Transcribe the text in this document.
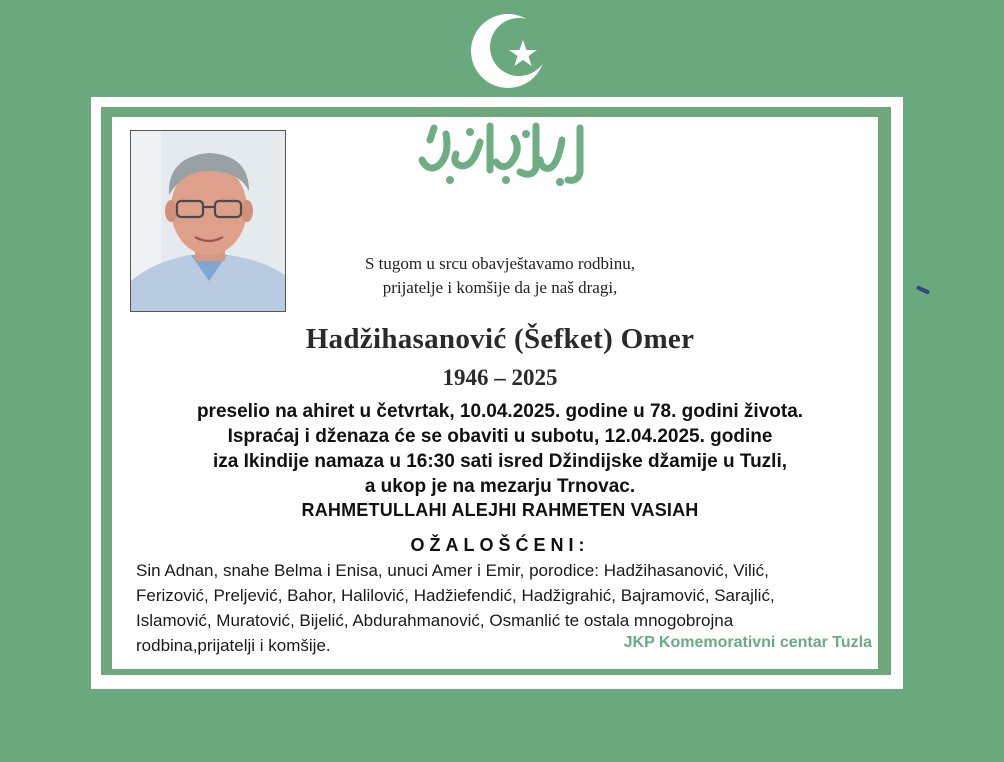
S tugom u srcu obavještavamo rodbinu,
prijatelje i komšije da je naš dragi,
Hadžihasanović (Šefket) Omer
1946 – 2025
preselio na ahiret u četvrtak, 10.04.2025. godine u 78. godini života.
Ispraćaj i dženaza će se obaviti u subotu, 12.04.2025. godine
iza Ikindije namaza u 16:30 sati isred Džindijske džamije u Tuzli,
a ukop je na mezarju Trnovac.
RAHMETULLAHI ALEJHI RAHMETEN VASIAH
OŽALOŠĆENI:
Sin Adnan, snahe Belma i Enisa, unuci Amer i Emir, porodice: Hadžihasanović, Vilić,
Ferizović, Preljević, Bahor, Halilović, Hadžiefendić, Hadžigrahić, Bajramović, Sarajlić,
Islamović, Muratović, Bijelić, Abdurahmanović, Osmanlić te ostala mnogobrojna
rodbina,prijatelji i komšije.	JKP Komemorativni centar Tuzla
